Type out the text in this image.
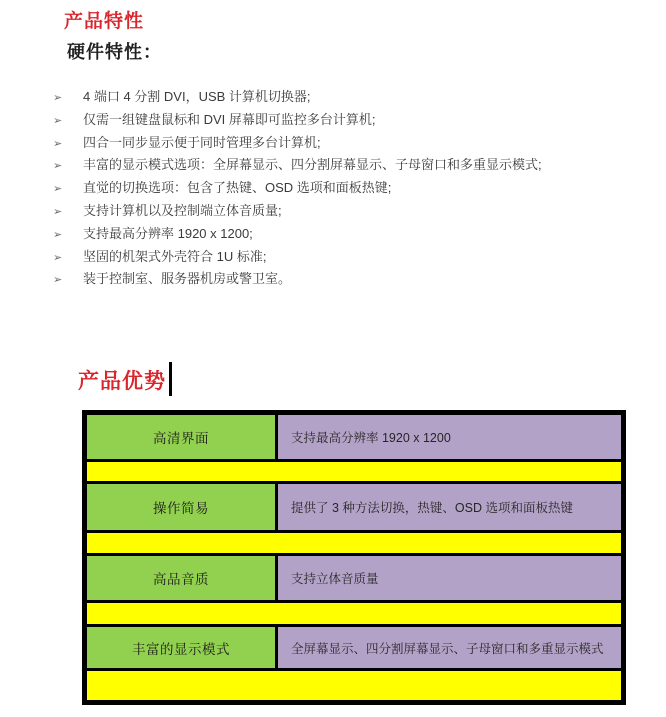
产品特性
硬件特性：
➢	4 端口 4 分割 DVI，USB 计算机切换器;
➢	仅需一组键盘鼠标和 DVI 屏幕即可监控多台计算机;
➢	四合一同步显示便于同时管理多台计算机;
➢	丰富的显示模式选项：全屏幕显示、四分割屏幕显示、子母窗口和多重显示模式;
➢	直觉的切换选项：包含了热键、OSD 选项和面板热键;
➢	支持计算机以及控制端立体音质量;
➢	支持最高分辨率 1920 x 1200;
➢	坚固的机架式外壳符合 1U 标准;
➢	装于控制室、服务器机房或警卫室。
产品优势
高清界面	支持最高分辨率 1920 x 1200
操作简易	提供了 3 种方法切换，热键、OSD 选项和面板热键
高品音质	支持立体音质量
丰富的显示模式	全屏幕显示、四分割屏幕显示、子母窗口和多重显示模式
